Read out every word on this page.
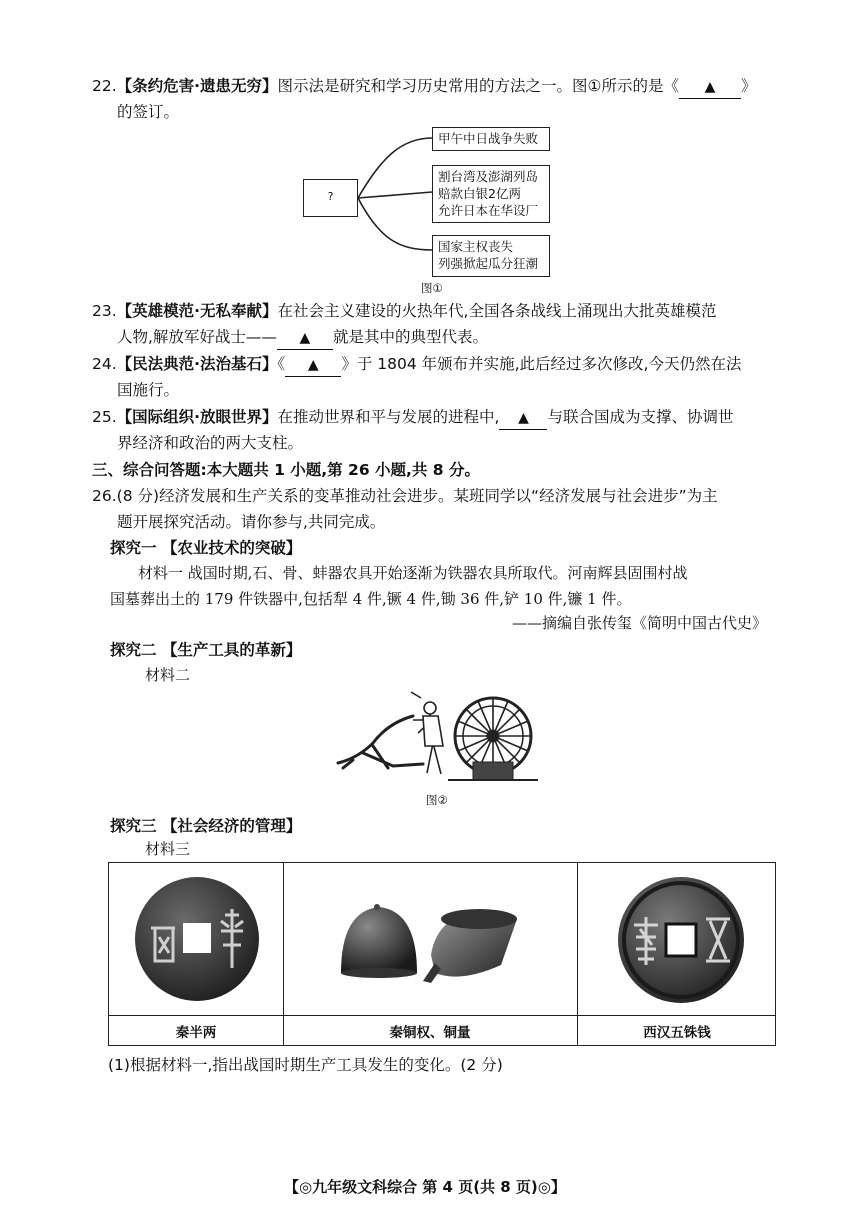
22.【条约危害·遗患无穷】图示法是研究和学习历史常用的方法之一。图①所示的是《 ▲ 》
的签订。
?
甲午中日战争失败
割台湾及澎湖列岛
赔款白银2亿两
允许日本在华设厂
国家主权丧失
列强掀起瓜分狂潮
图①
23.【英雄模范·无私奉献】在社会主义建设的火热年代,全国各条战线上涌现出大批英雄模范
人物,解放军好战士—— ▲ 就是其中的典型代表。
24.【民法典范·法治基石】《 ▲ 》于 1804 年颁布并实施,此后经过多次修改,今天仍然在法
国施行。
25.【国际组织·放眼世界】在推动世界和平与发展的进程中, ▲ 与联合国成为支撑、协调世
界经济和政治的两大支柱。
三、综合问答题:本大题共 1 小题,第 26 小题,共 8 分。
26.(8 分)经济发展和生产关系的变革推动社会进步。某班同学以“经济发展与社会进步”为主
题开展探究活动。请你参与,共同完成。
探究一 【农业技术的突破】
材料一 战国时期,石、骨、蚌器农具开始逐渐为铁器农具所取代。河南辉县固围村战
国墓葬出土的 179 件铁器中,包括犁 4 件,镢 4 件,锄 36 件,铲 10 件,镰 1 件。
——摘编自张传玺《简明中国古代史》
探究二 【生产工具的革新】
材料二
图②
探究三 【社会经济的管理】
材料三
秦半两	秦铜权、铜量	西汉五铢钱
(1)根据材料一,指出战国时期生产工具发生的变化。(2 分)
【◎九年级文科综合 第 4 页(共 8 页)◎】
